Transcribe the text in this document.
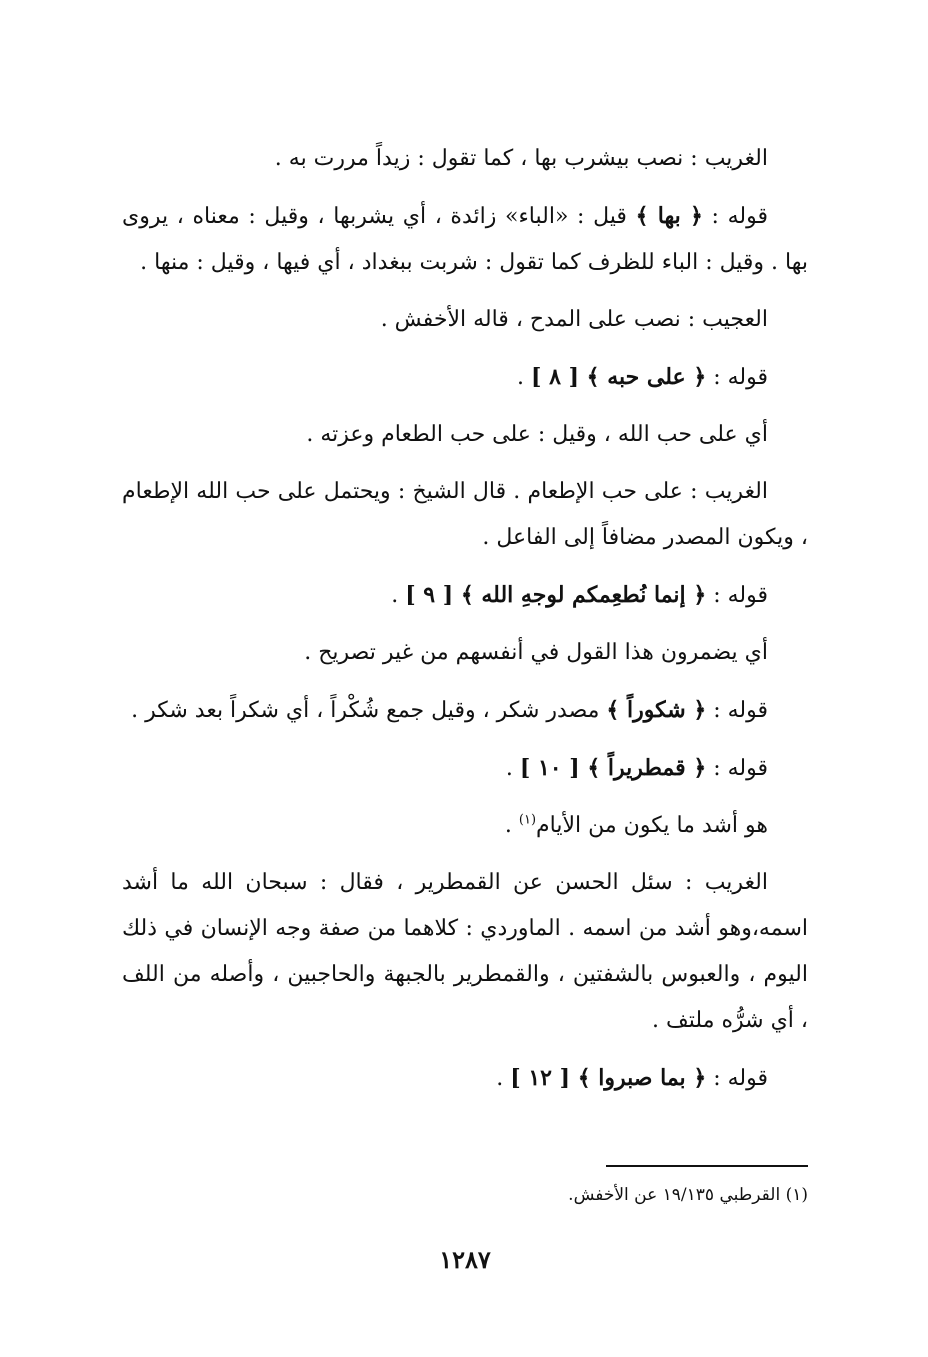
الغريب : نصب بيشرب بها ، كما تقول : زيداً مررت به .

قوله : ﴿ بها ﴾ قيل : «الباء» زائدة ، أي يشربها ، وقيل : معناه ، يروى بها . وقيل : الباء للظرف كما تقول : شربت ببغداد ، أي فيها ، وقيل : منها .

العجيب : نصب على المدح ، قاله الأخفش .

قوله : ﴿ على حبه ﴾ [ ٨ ] .

أي على حب الله ، وقيل : على حب الطعام وعزته .

الغريب : على حب الإطعام . قال الشيخ : ويحتمل على حب الله الإطعام ، ويكون المصدر مضافاً إلى الفاعل .

قوله : ﴿ إنما نُطعِمكم لوجهِ الله ﴾ [ ٩ ] .

أي يضمرون هذا القول في أنفسهم من غير تصريح .

قوله : ﴿ شكوراً ﴾ مصدر شكر ، وقيل جمع شُكْراً ، أي شكراً بعد شكر .

قوله : ﴿ قمطريراً ﴾ [ ١٠ ] .

هو أشد ما يكون من الأيام$^{(١)}$ .

الغريب : سئل الحسن عن القمطرير ، فقال : سبحان الله ما أشد اسمه،وهو أشد من اسمه . الماوردي : كلاهما من صفة وجه الإنسان في ذلك اليوم ، والعبوس بالشفتين ، والقمطرير بالجبهة والحاجبين ، وأصله من اللف ، أي شرُّه ملتف .

قوله : ﴿ بما صبروا ﴾ [ ١٢ ] .

(١) القرطبي ١٩/١٣٥ عن الأخفش.
١٢٨٧
